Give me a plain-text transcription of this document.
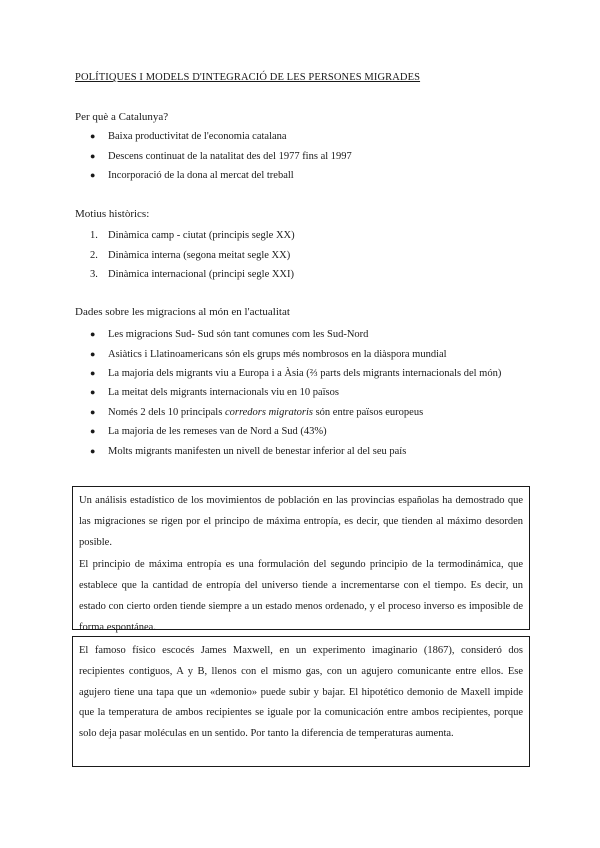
POLÍTIQUES I MODELS D'INTEGRACIÓ DE LES PERSONES MIGRADES
Per què a Catalunya?
● Baixa productivitat de l'economia catalana
● Descens continuat de la natalitat des del 1977 fins al 1997
● Incorporació de la dona al mercat del treball
Motius històrics:
1. Dinàmica camp - ciutat (principis segle XX)
2. Dinàmica interna (segona meitat segle XX)
3. Dinàmica internacional (principi segle XXI)
Dades sobre les migracions al món en l'actualitat
● Les migracions Sud- Sud són tant comunes com les Sud-Nord
● Asiàtics i Llatinoamericans són els grups més nombrosos en la diàspora mundial
● La majoria dels migrants viu a Europa i a Àsia (⅔ parts dels migrants internacionals del món)
● La meitat dels migrants internacionals viu en 10 països
● Només 2 dels 10 principals corredors migratoris són entre països europeus
● La majoria de les remeses van de Nord a Sud (43%)
● Molts migrants manifesten un nivell de benestar inferior al del seu país

Un análisis estadístico de los movimientos de población en las provincias españolas ha demostrado que las migraciones se rigen por el principo de máxima entropía, es decir, que tienden al máximo desorden posible.

El principio de máxima entropía es una formulación del segundo principio de la termodinámica, que establece que la cantidad de entropía del universo tiende a incrementarse con el tiempo. Es decir, un estado con cierto orden tiende siempre a un estado menos ordenado, y el proceso inverso es imposible de forma espontánea.

El famoso físico escocés James Maxwell, en un experimento imaginario (1867), consideró dos recipientes contiguos, A y B, llenos con el mismo gas, con un agujero comunicante entre ellos. Ese agujero tiene una tapa que un «demonio» puede subir y bajar. El hipotético demonio de Maxell impide que la temperatura de ambos recipientes se iguale por la comunicación entre ambos recipientes, porque solo deja pasar moléculas en un sentido. Por tanto la diferencia de temperaturas aumenta.
